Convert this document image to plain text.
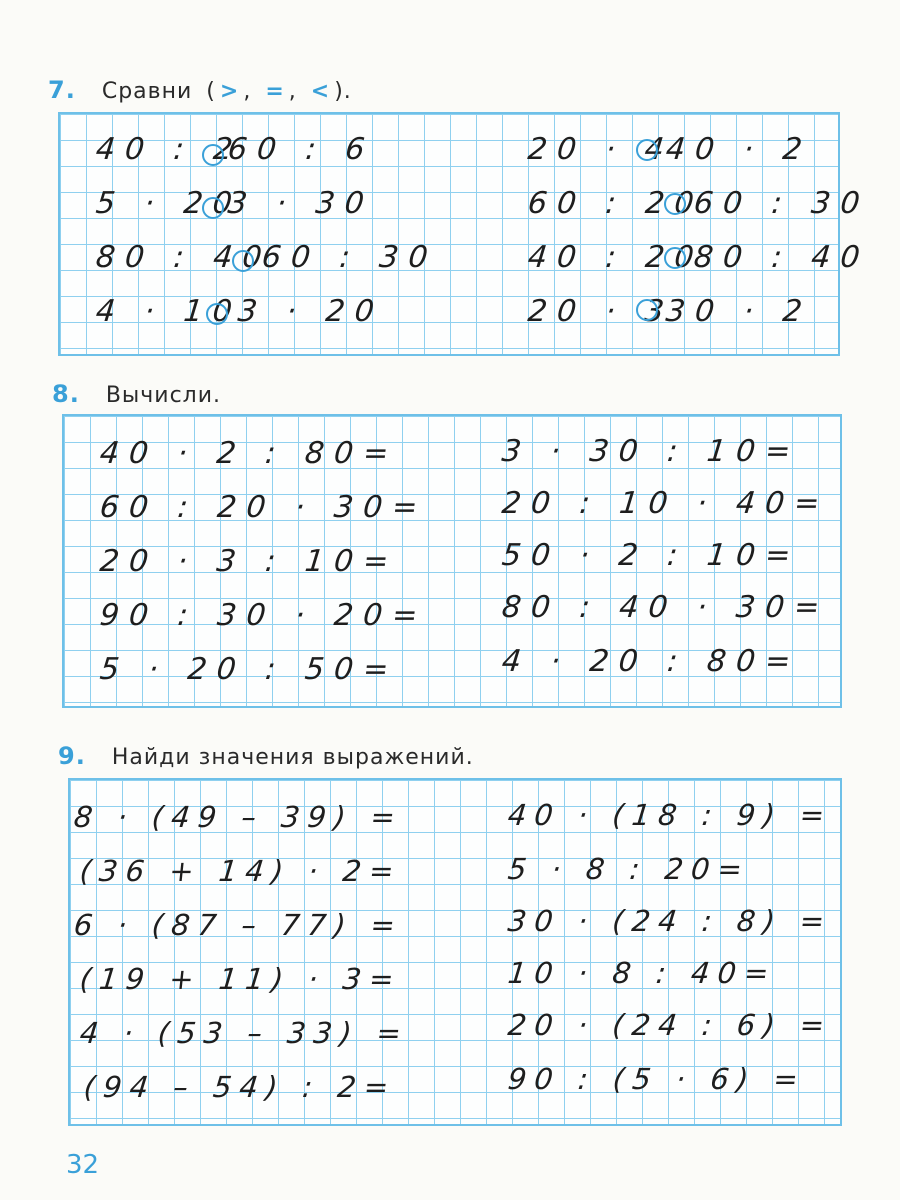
7. Сравни ( > , = , < ).
40 : 2
60 : 6
5 · 20
3 · 30
80 : 40
60 : 30
4 · 10
3 · 20
20 · 4
40 · 2
60 : 20
60 : 30
40 : 20
80 : 40
20 · 3
30 · 2
8. Вычисли.
40 · 2 : 80=
60 : 20 · 30=
20 · 3 : 10=
90 : 30 · 20=
5 · 20 : 50=
3 · 30 : 10=
20 : 10 · 40=
50 · 2 : 10=
80 : 40 · 30=
4 · 20 : 80=
9. Найди значения выражений.
8 · (49 – 39) =
(36 + 14) · 2=
6 · (87 – 77) =
(19 + 11) · 3=
4 · (53 – 33) =
(94 – 54) : 2=
40 · (18 : 9) =
5 · 8 : 20=
30 · (24 : 8) =
10 · 8 : 40=
20 · (24 : 6) =
90 : (5 · 6) =
32
